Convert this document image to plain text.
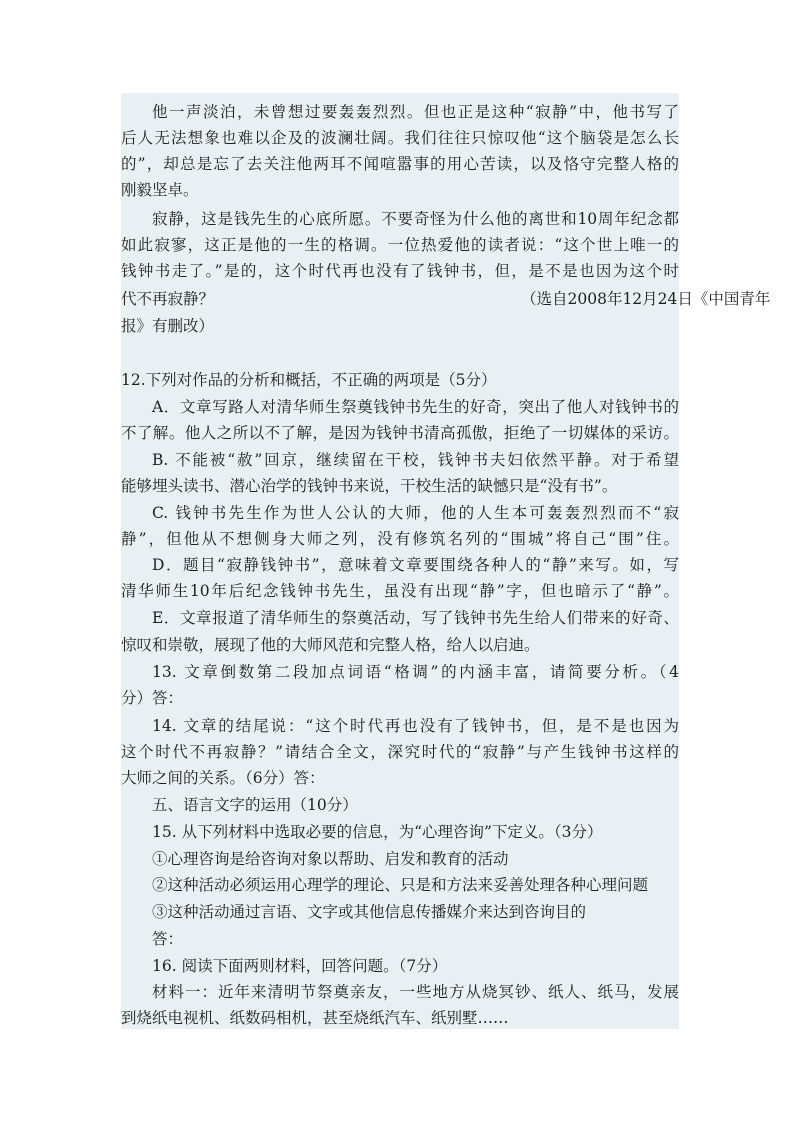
他一声淡泊，未曾想过要轰轰烈烈。但也正是这种“寂静”中，他书写了
后人无法想象也难以企及的波澜壮阔。我们往往只惊叹他“这个脑袋是怎么长
的”，却总是忘了去关注他两耳不闻喧嚣事的用心苦读，以及恪守完整人格的
刚毅坚卓。
寂静，这是钱先生的心底所愿。不要奇怪为什么他的离世和10周年纪念都
如此寂寥，这正是他的一生的格调。一位热爱他的读者说：“这个世上唯一的
钱钟书走了。”是的，这个时代再也没有了钱钟书，但，是不是也因为这个时
代不再寂静？	（选自2008年12月24日《中国青年
报》有删改）
12.下列对作品的分析和概括，不正确的两项是（5分）
A．文章写路人对清华师生祭奠钱钟书先生的好奇，突出了他人对钱钟书的
不了解。他人之所以不了解，是因为钱钟书清高孤傲，拒绝了一切媒体的采访。
B. 不能被“赦”回京，继续留在干校，钱钟书夫妇依然平静。对于希望
能够埋头读书、潜心治学的钱钟书来说，干校生活的缺憾只是“没有书”。
C. 钱钟书先生作为世人公认的大师，他的人生本可轰轰烈烈而不“寂
静”，但他从不想侧身大师之列，没有修筑名列的“围城”将自己“围”住。
D．题目“寂静钱钟书”，意味着文章要围绕各种人的“静”来写。如，写
清华师生10年后纪念钱钟书先生，虽没有出现“静”字，但也暗示了“静”。
E．文章报道了清华师生的祭奠活动，写了钱钟书先生给人们带来的好奇、
惊叹和崇敬，展现了他的大师风范和完整人格，给人以启迪。
13. 文章倒数第二段加点词语“格调”的内涵丰富，请简要分析。（4
分）答：
14. 文章的结尾说：“这个时代再也没有了钱钟书，但，是不是也因为
这个时代不再寂静？”请结合全文，深究时代的“寂静”与产生钱钟书这样的
大师之间的关系。（6分）答：
五、语言文字的运用（10分）
15. 从下列材料中选取必要的信息，为“心理咨询”下定义。（3分）
①心理咨询是给咨询对象以帮助、启发和教育的活动
②这种活动必须运用心理学的理论、只是和方法来妥善处理各种心理问题
③这种活动通过言语、文字或其他信息传播媒介来达到咨询目的
答：
16. 阅读下面两则材料，回答问题。（7分）
材料一：近年来清明节祭奠亲友，一些地方从烧冥钞、纸人、纸马，发展
到烧纸电视机、纸数码相机，甚至烧纸汽车、纸别墅……
